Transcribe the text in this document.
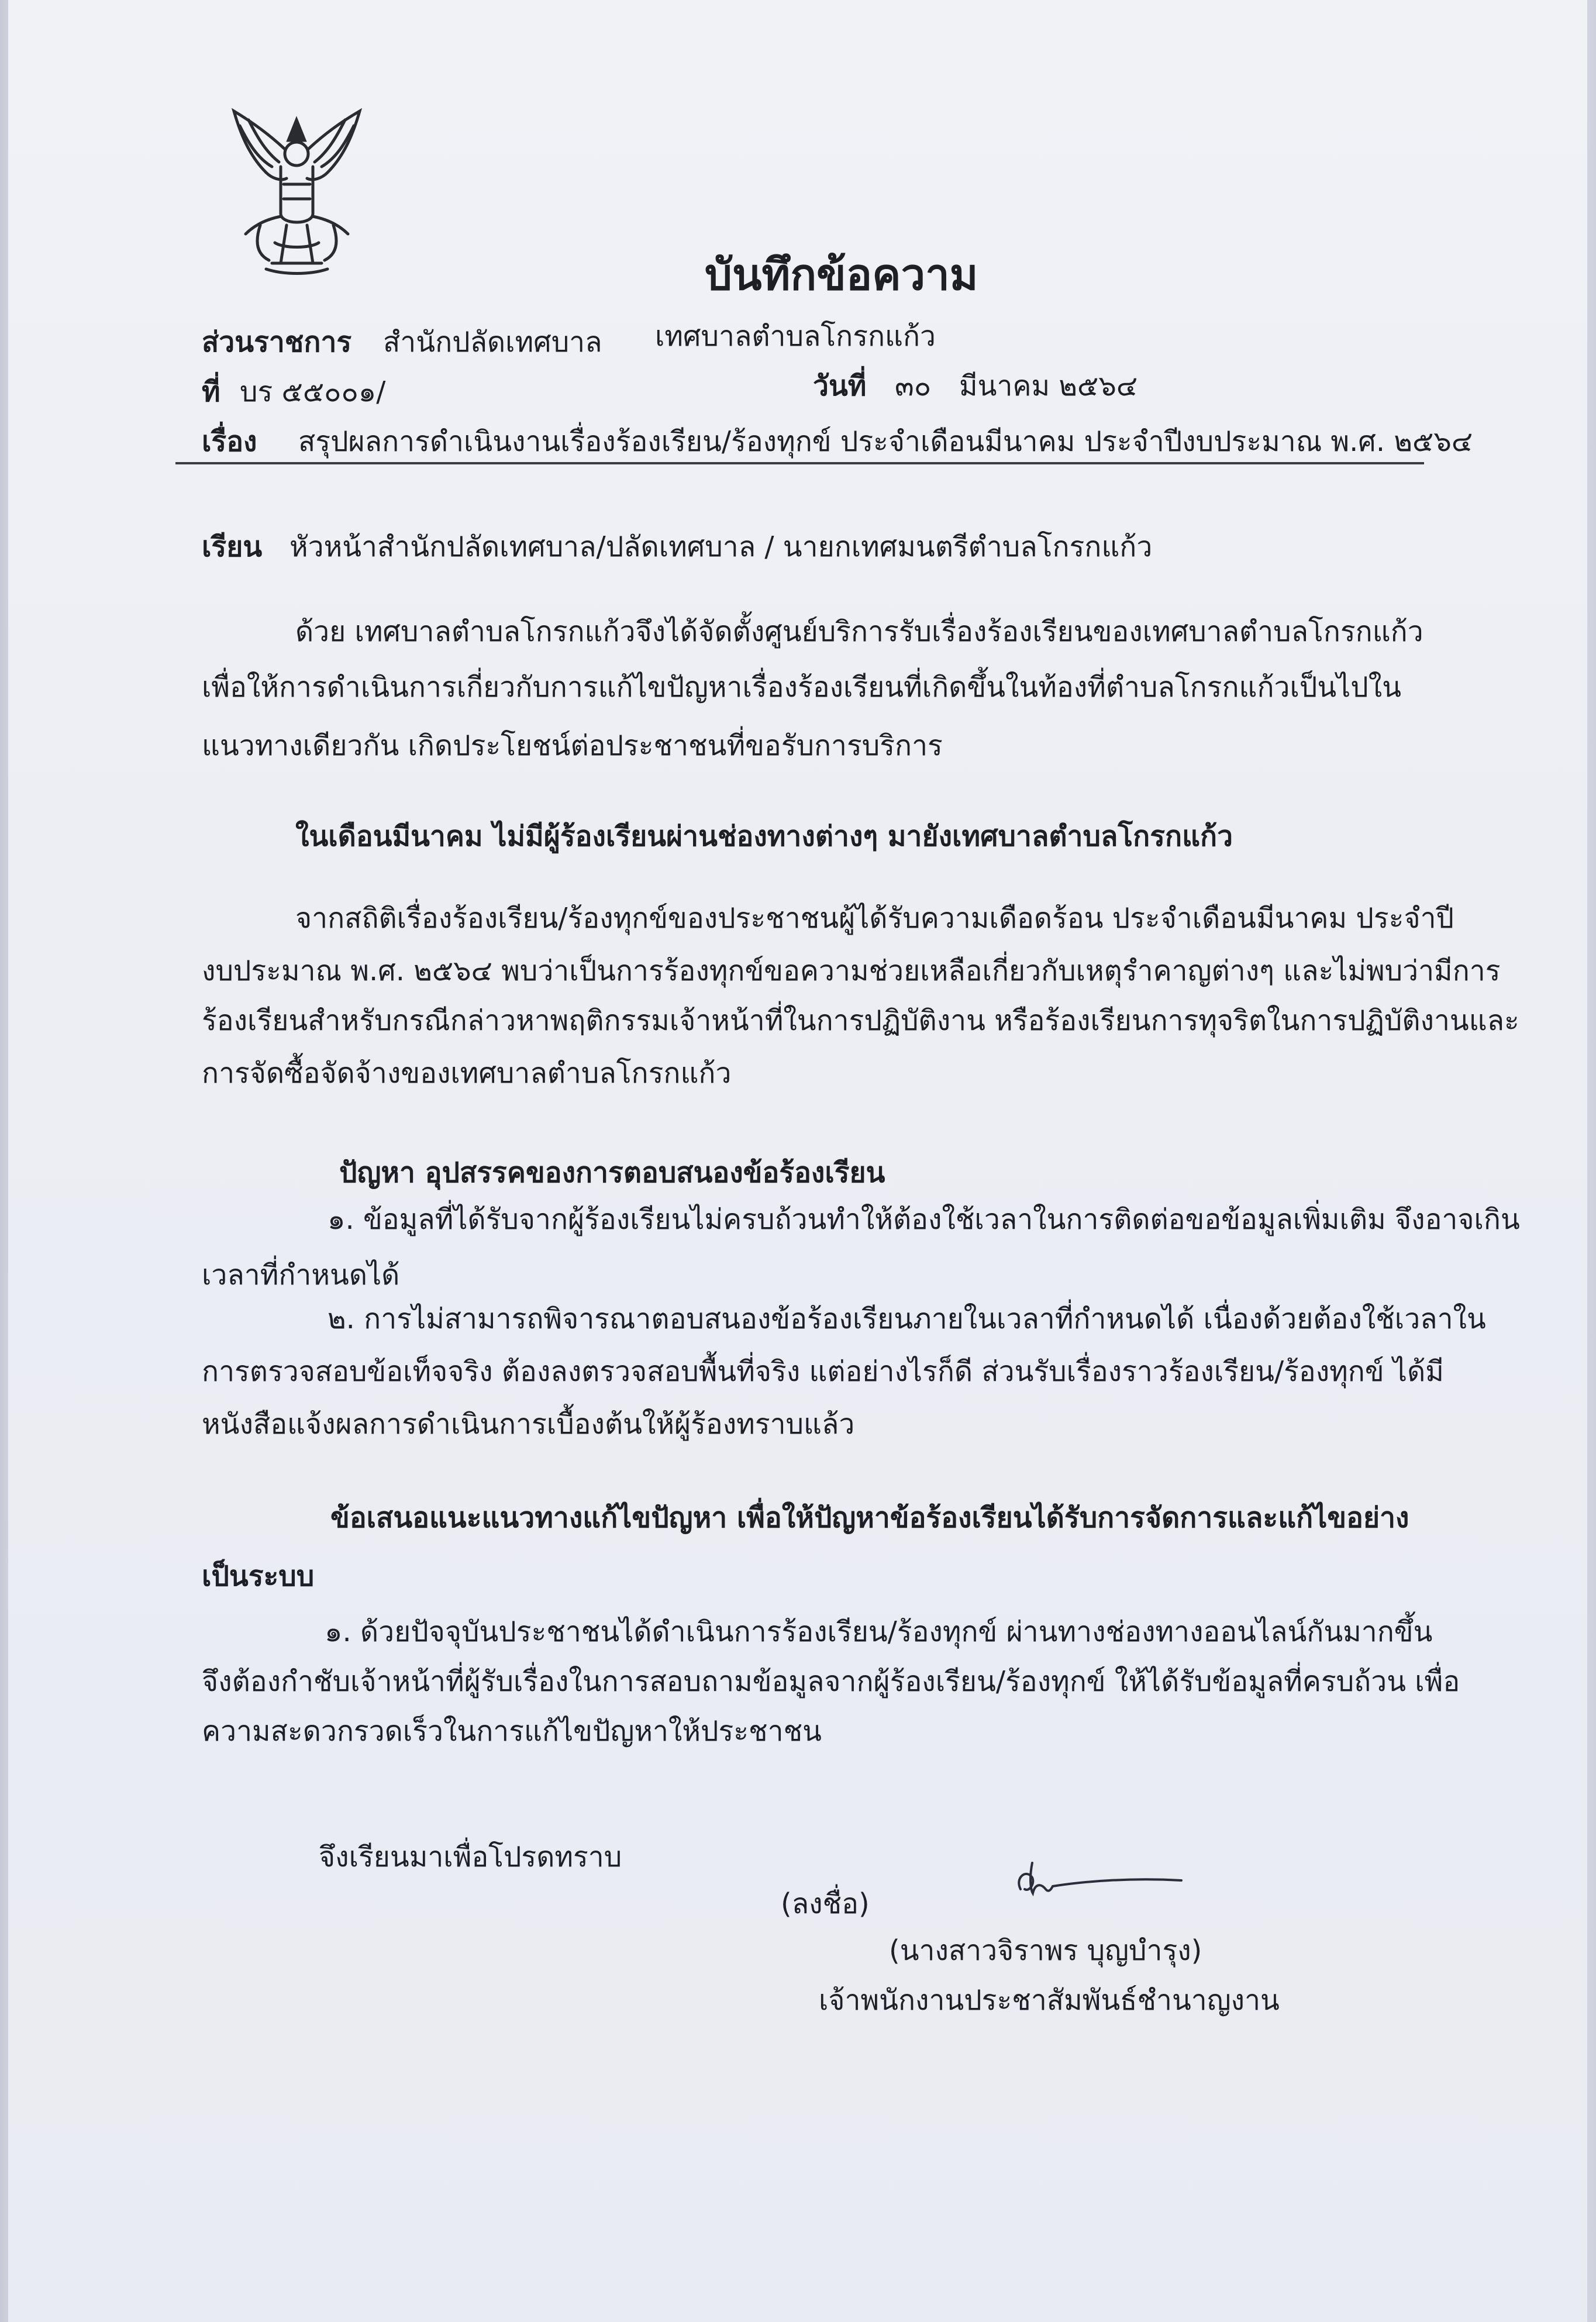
บันทึกข้อความ
ส่วนราชการ สำนักปลัดเทศบาล เทศบาลตำบลโกรกแก้ว
ที่ บร ๕๕๐๐๑/	วันที่ ๓๐ มีนาคม ๒๕๖๔
เรื่อง สรุปผลการดำเนินงานเรื่องร้องเรียน/ร้องทุกข์ ประจำเดือนมีนาคม ประจำปีงบประมาณ พ.ศ. ๒๕๖๔
เรียน หัวหน้าสำนักปลัดเทศบาล/ปลัดเทศบาล / นายกเทศมนตรีตำบลโกรกแก้ว
ด้วย เทศบาลตำบลโกรกแก้วจึงได้จัดตั้งศูนย์บริการรับเรื่องร้องเรียนของเทศบาลตำบลโกรกแก้ว
เพื่อให้การดำเนินการเกี่ยวกับการแก้ไขปัญหาเรื่องร้องเรียนที่เกิดขึ้นในท้องที่ตำบลโกรกแก้วเป็นไปใน
แนวทางเดียวกัน เกิดประโยชน์ต่อประชาชนที่ขอรับการบริการ
ในเดือนมีนาคม ไม่มีผู้ร้องเรียนผ่านช่องทางต่างๆ มายังเทศบาลตำบลโกรกแก้ว
จากสถิติเรื่องร้องเรียน/ร้องทุกข์ของประชาชนผู้ได้รับความเดือดร้อน ประจำเดือนมีนาคม ประจำปี
งบประมาณ พ.ศ. ๒๕๖๔ พบว่าเป็นการร้องทุกข์ขอความช่วยเหลือเกี่ยวกับเหตุรำคาญต่างๆ และไม่พบว่ามีการ
ร้องเรียนสำหรับกรณีกล่าวหาพฤติกรรมเจ้าหน้าที่ในการปฏิบัติงาน หรือร้องเรียนการทุจริตในการปฏิบัติงานและ
การจัดซื้อจัดจ้างของเทศบาลตำบลโกรกแก้ว
ปัญหา อุปสรรคของการตอบสนองข้อร้องเรียน
๑. ข้อมูลที่ได้รับจากผู้ร้องเรียนไม่ครบถ้วนทำให้ต้องใช้เวลาในการติดต่อขอข้อมูลเพิ่มเติม จึงอาจเกิน
เวลาที่กำหนดได้
๒. การไม่สามารถพิจารณาตอบสนองข้อร้องเรียนภายในเวลาที่กำหนดได้ เนื่องด้วยต้องใช้เวลาใน
การตรวจสอบข้อเท็จจริง ต้องลงตรวจสอบพื้นที่จริง แต่อย่างไรก็ดี ส่วนรับเรื่องราวร้องเรียน/ร้องทุกข์ ได้มี
หนังสือแจ้งผลการดำเนินการเบื้องต้นให้ผู้ร้องทราบแล้ว
ข้อเสนอแนะแนวทางแก้ไขปัญหา เพื่อให้ปัญหาข้อร้องเรียนได้รับการจัดการและแก้ไขอย่าง
เป็นระบบ
๑. ด้วยปัจจุบันประชาชนได้ดำเนินการร้องเรียน/ร้องทุกข์ ผ่านทางช่องทางออนไลน์กันมากขึ้น
จึงต้องกำชับเจ้าหน้าที่ผู้รับเรื่องในการสอบถามข้อมูลจากผู้ร้องเรียน/ร้องทุกข์ ให้ได้รับข้อมูลที่ครบถ้วน เพื่อ
ความสะดวกรวดเร็วในการแก้ไขปัญหาให้ประชาชน
จึงเรียนมาเพื่อโปรดทราบ
(ลงชื่อ)
(นางสาวจิราพร บุญบำรุง)
เจ้าพนักงานประชาสัมพันธ์ชำนาญงาน
